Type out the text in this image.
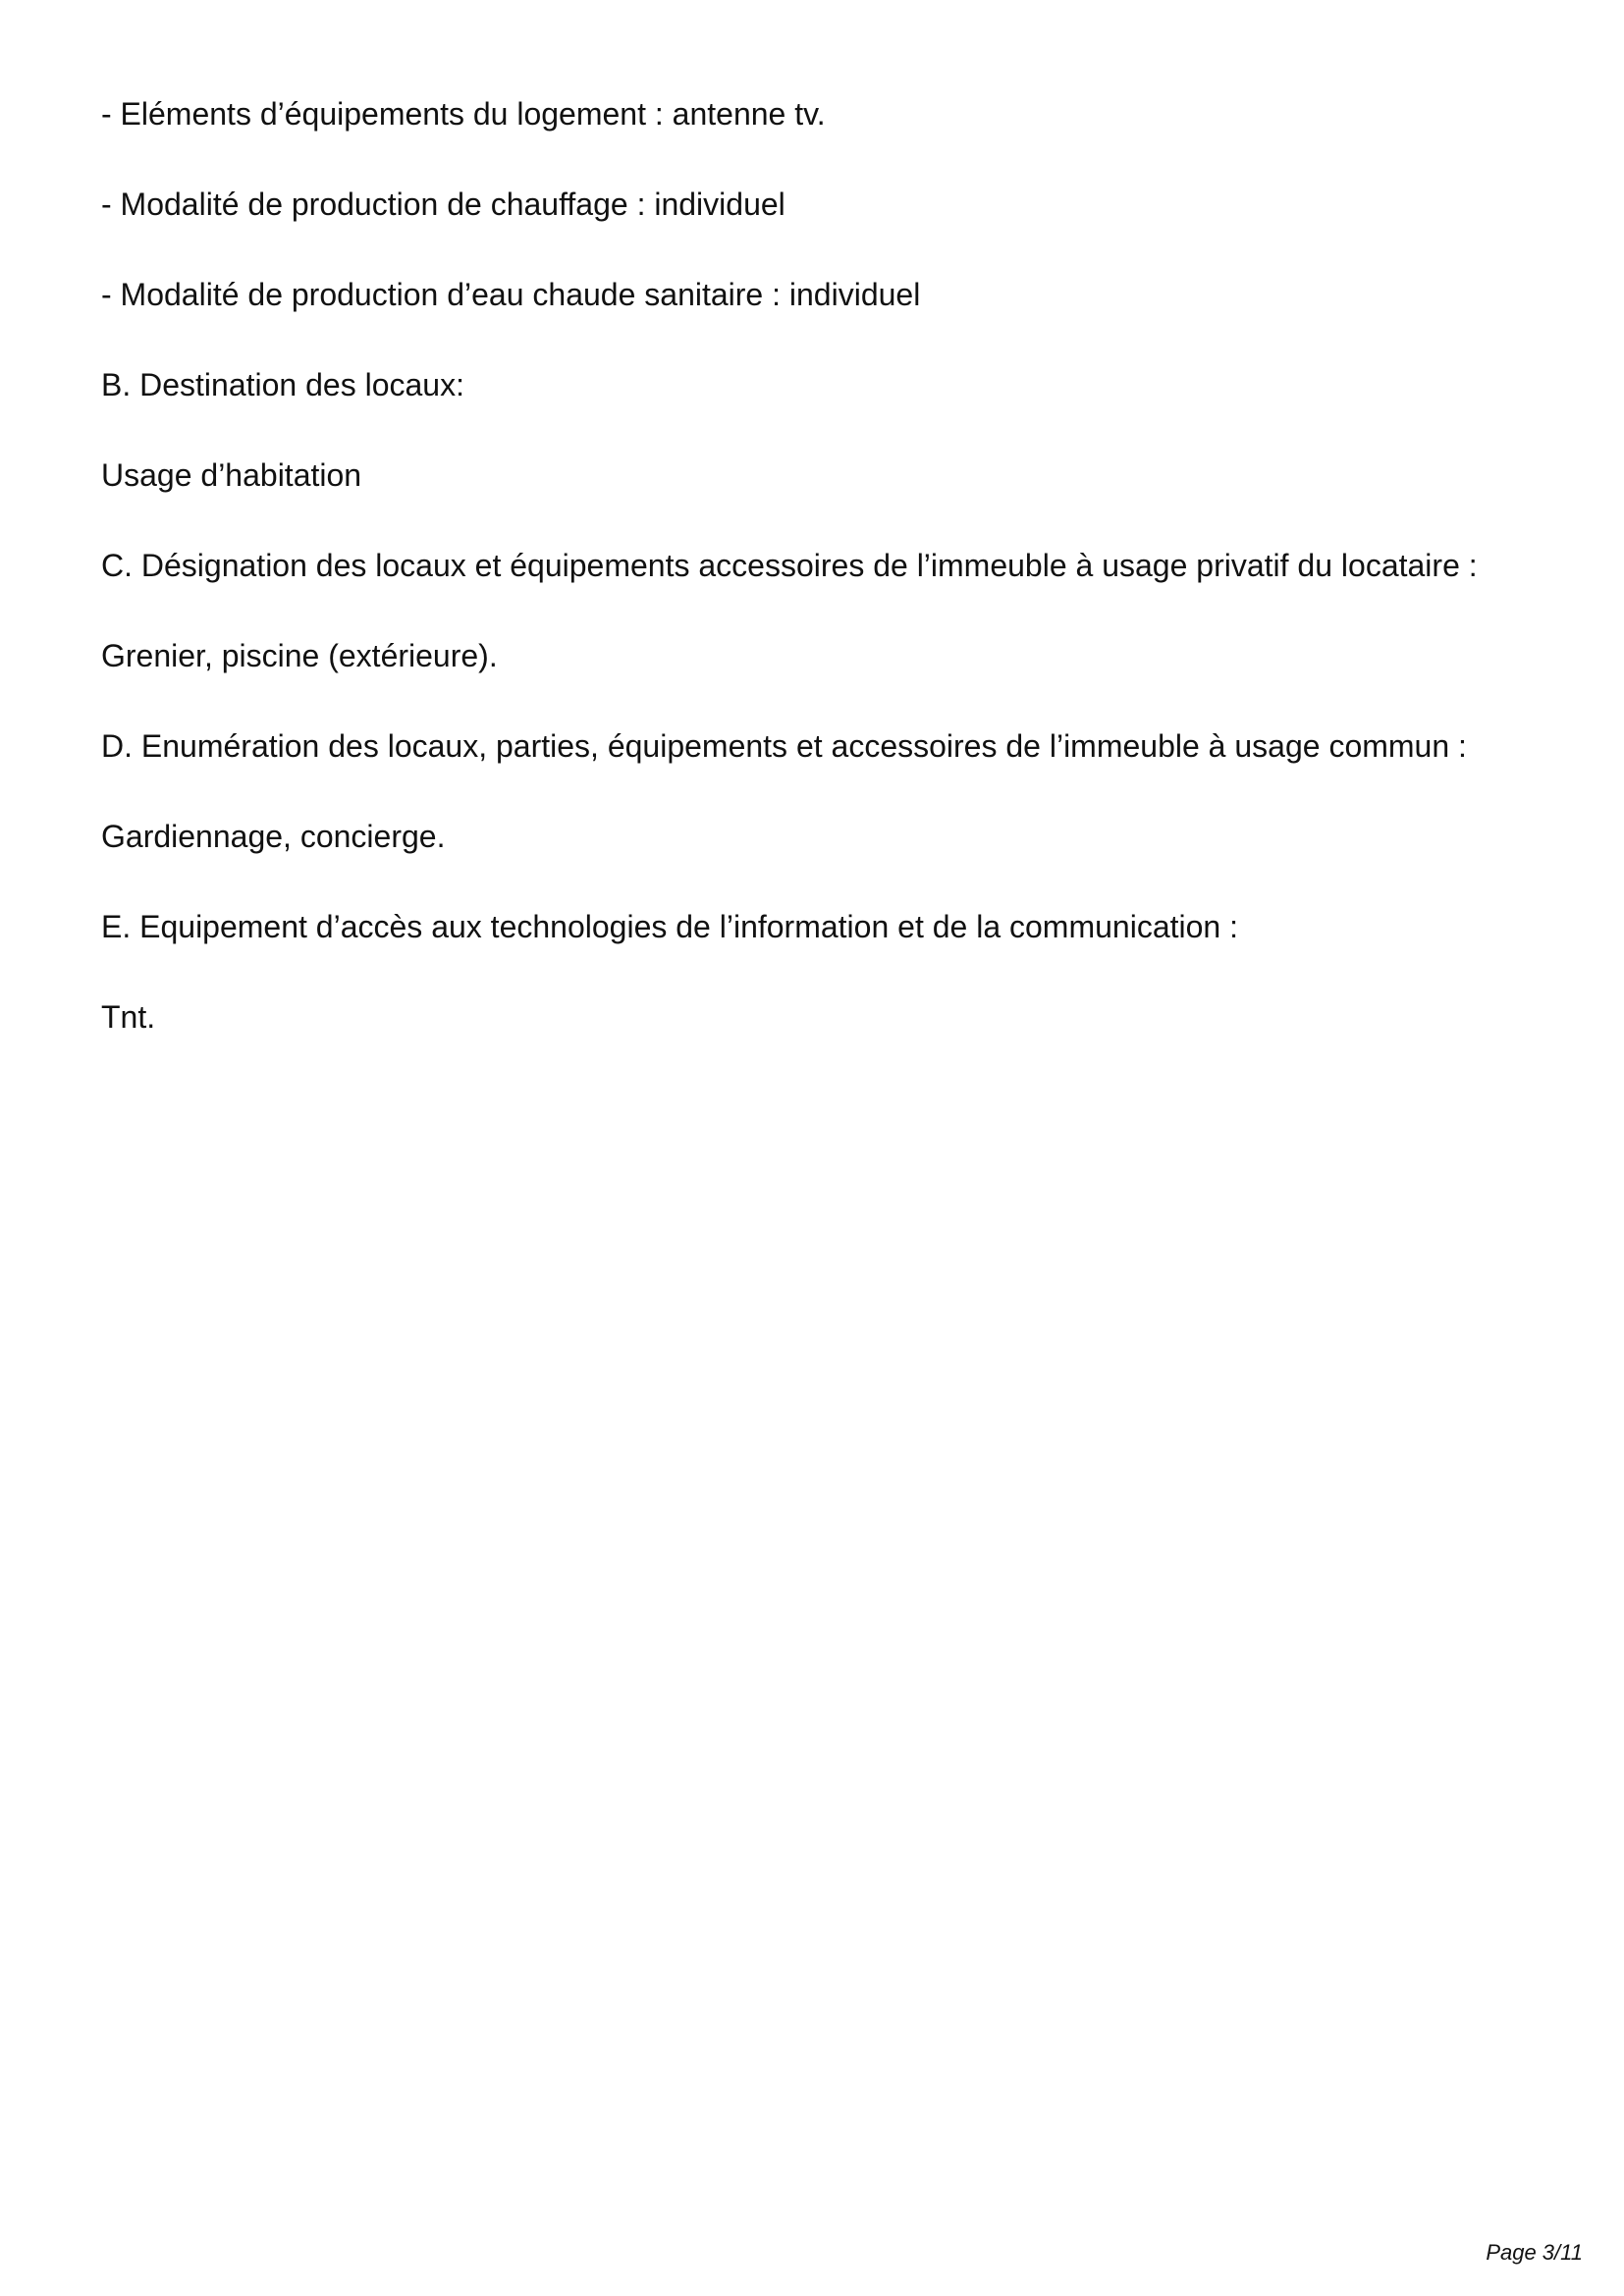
- Eléments d’équipements du logement : antenne tv.

- Modalité de production de chauffage : individuel

- Modalité de production d’eau chaude sanitaire : individuel

B. Destination des locaux:

Usage d’habitation

C. Désignation des locaux et équipements accessoires de l’immeuble à usage privatif du locataire :

Grenier, piscine (extérieure).

D. Enumération des locaux, parties, équipements et accessoires de l’immeuble à usage commun :

Gardiennage, concierge.

E. Equipement d’accès aux technologies de l’information et de la communication :

Tnt.

Page 3/11
